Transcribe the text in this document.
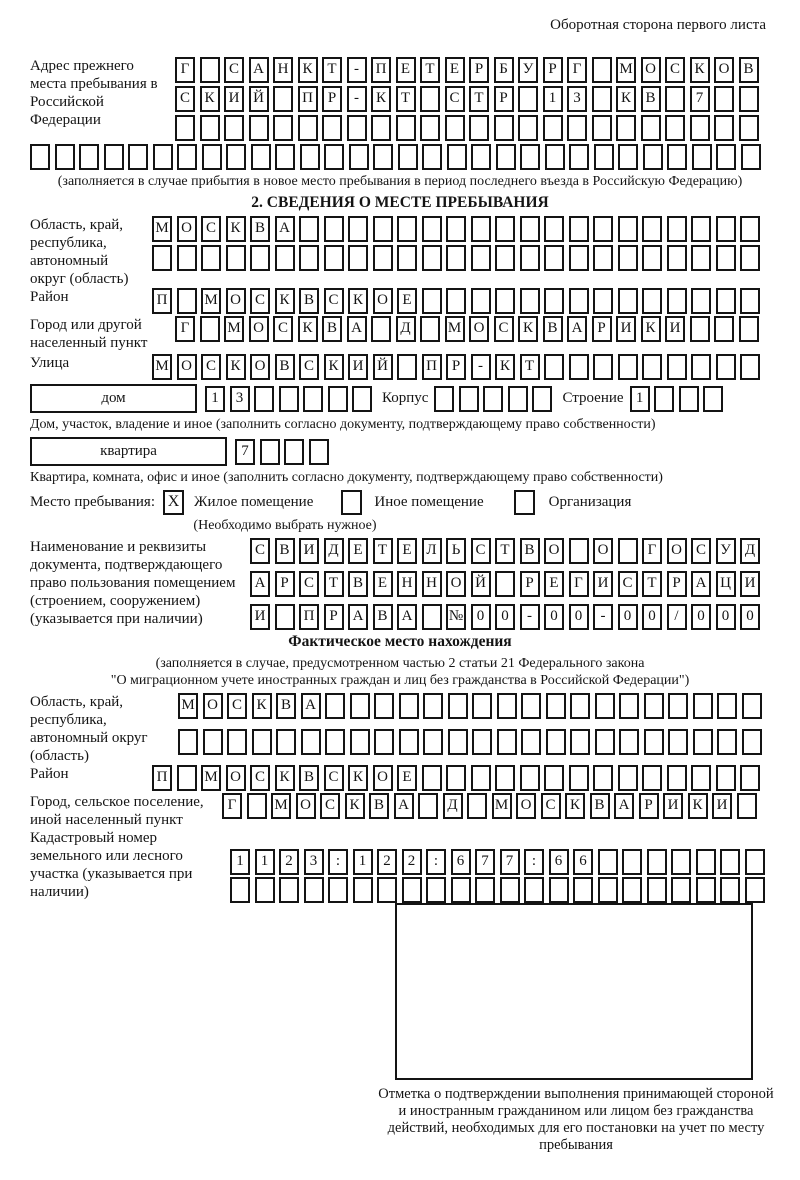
Оборотная сторона первого листа
Адрес прежнего места пребывания в Российской Федерации
Г	С А Н К Т	-	П Е	Т	Е	Р	Б У	Р	Г	М О С К О В
С К И Й	П Р	-	К Т	С Т	Р	1	3	К В	7
(заполняется в случае прибытия в новое место пребывания в период последнего въезда в Российскую Федерацию)
2. СВЕДЕНИЯ О МЕСТЕ ПРЕБЫВАНИЯ
Область, край, республика, автономный округ (область)
М О С К В А
Район	П	М О С К В С К О Е
Город или другой населенный пункт
Г	М О С К В А	Д	М О С К В А Р И К И
Улица	М О С К О В С К И Й	П Р	-	К Т
дом	1	3	Корпус	Строение 1
Дом, участок, владение и иное (заполнить согласно документу, подтверждающему право собственности)
квартира	7
Квартира, комната, офис и иное (заполнить согласно документу, подтверждающему право собственности)
Место пребывания: X Жилое помещение	Иное помещение	Организация
(Необходимо выбрать нужное)
Наименование и реквизиты документа, подтверждающего право пользования помещением (строением, сооружением) (указывается при наличии)
С В И Д Е	Т	Е Л	Ь	С Т В О	О	Г О С У Д
А Р	С Т В Е Н Н О Й	Р	Е	Г И С Т	Р А Ц И
И	П Р А В А	№ 0	0	-	0	0	-	0	0	/	0	0	0
Фактическое место нахождения
(заполняется в случае, предусмотренном частью 2 статьи 21 Федерального закона
"О миграционном учете иностранных граждан и лиц без гражданства в Российской Федерации")
Область, край, республика, автономный округ (область)
М О С К В А
Район	П	М О С К В С К О Е
Город, сельское поселение, иной населенный пункт
Г	М О С К В А	Д	М О С К В А Р И К И
Кадастровый номер земельного или лесного участка (указывается при наличии)
1	1	2	3	:	1	2	2	:	6	7	7	:	6	6
Отметка о подтверждении выполнения принимающей стороной и иностранным гражданином или лицом без гражданства действий, необходимых для его постановки на учет по месту пребывания
